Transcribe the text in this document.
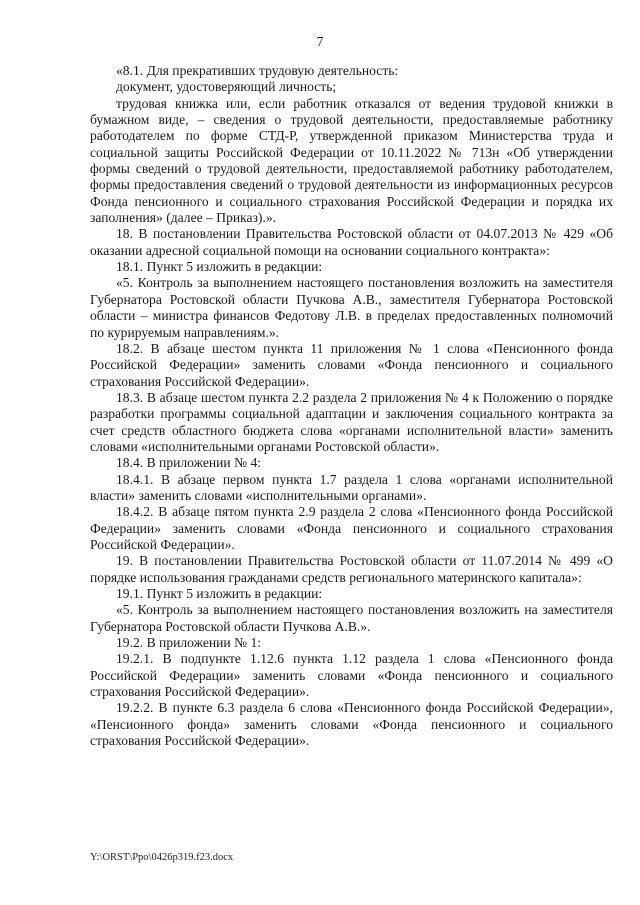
7

«8.1. Для прекративших трудовую деятельность:

документ, удостоверяющий личность;

трудовая книжка или, если работник отказался от ведения трудовой книжки в бумажном виде, – сведения о трудовой деятельности, предоставляемые работнику работодателем по форме СТД-Р, утвержденной приказом Министерства труда и социальной защиты Российской Федерации от 10.11.2022 № 713н «Об утверждении формы сведений о трудовой деятельности, предоставляемой работнику работодателем, формы предоставления сведений о трудовой деятельности из информационных ресурсов Фонда пенсионного и социального страхования Российской Федерации и порядка их заполнения» (далее – Приказ).».

18. В постановлении Правительства Ростовской области от 04.07.2013 № 429 «Об оказании адресной социальной помощи на основании социального контракта»:

18.1. Пункт 5 изложить в редакции:

«5. Контроль за выполнением настоящего постановления возложить на заместителя Губернатора Ростовской области Пучкова А.В., заместителя Губернатора Ростовской области – министра финансов Федотову Л.В. в пределах предоставленных полномочий по курируемым направлениям.».

18.2. В абзаце шестом пункта 11 приложения № 1 слова «Пенсионного фонда Российской Федерации» заменить словами «Фонда пенсионного и социального страхования Российской Федерации».

18.3. В абзаце шестом пункта 2.2 раздела 2 приложения № 4 к Положению о порядке разработки программы социальной адаптации и заключения социального контракта за счет средств областного бюджета слова «органами исполнительной власти» заменить словами «исполнительными органами Ростовской области».

18.4. В приложении № 4:

18.4.1. В абзаце первом пункта 1.7 раздела 1 слова «органами исполнительной власти» заменить словами «исполнительными органами».

18.4.2. В абзаце пятом пункта 2.9 раздела 2 слова «Пенсионного фонда Российской Федерации» заменить словами «Фонда пенсионного и социального страхования Российской Федерации».

19. В постановлении Правительства Ростовской области от 11.07.2014 № 499 «О порядке использования гражданами средств регионального материнского капитала»:

19.1. Пункт 5 изложить в редакции:

«5. Контроль за выполнением настоящего постановления возложить на заместителя Губернатора Ростовской области Пучкова А.В.».

19.2. В приложении № 1:

19.2.1. В подпункте 1.12.6 пункта 1.12 раздела 1 слова «Пенсионного фонда Российской Федерации» заменить словами «Фонда пенсионного и социального страхования Российской Федерации».

19.2.2. В пункте 6.3 раздела 6 слова «Пенсионного фонда Российской Федерации», «Пенсионного фонда» заменить словами «Фонда пенсионного и социального страхования Российской Федерации».

Y:\ORST\Ppo\0426p319.f23.docx
